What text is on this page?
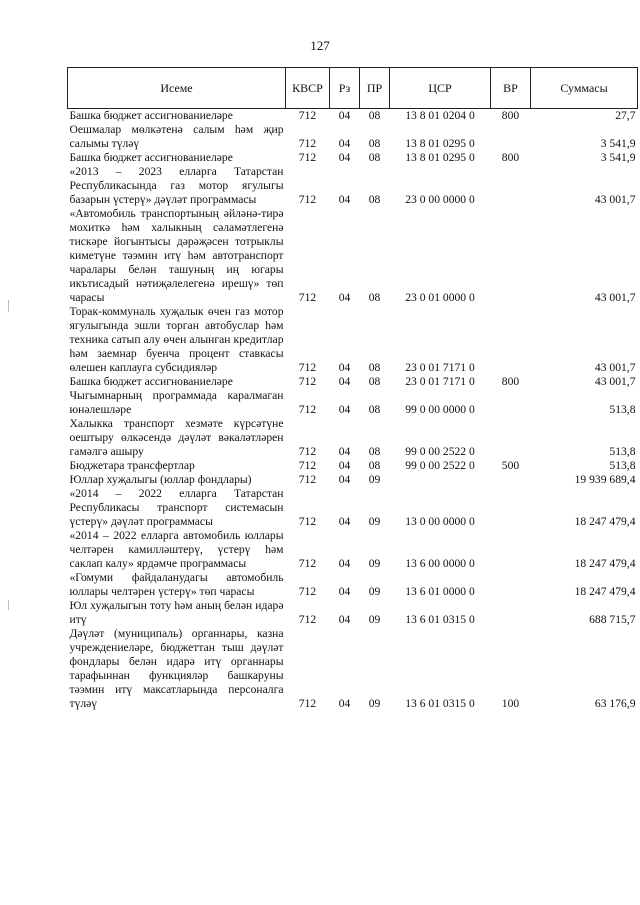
127
Иceмe	КВСР	Рз	ПР	ЦСР	ВР	Суммасы
Башка бюджет ассигнованиeләре	712	04	08	13 8 01 0204 0	800	27,7
Оешмалар мөлкәтенә салым һәм җир салымы түләү	712	04	08	13 8 01 0295 0		3 541,9
Башка бюджет ассигнованиeләре	712	04	08	13 8 01 0295 0	800	3 541,9
«2013 – 2023 елларга Татарстан Республикасында газ мотор ягулыгы базарын үстерү» дәүләт программасы	712	04	08	23 0 00 0000 0		43 001,7
«Автомобиль транспортының әйләнә-тирә мохиткә һәм халыкның сәламәтлегенә тискәре йогынтысы дәрәҗәсен тотрыклы киметүне тәэмин итү һәм автотранспорт чаралары белән ташуның иң югары икътисадый нәтиҗәлелегенә ирешү» төп чарасы	712	04	08	23 0 01 0000 0		43 001,7
Торак-коммуналь хуҗалык өчен газ мотор ягулыгында эшли торган автобуслар һәм техника сатып алу өчен алынган кредитлар һәм заемнар буенча процент ставкасы өлешен каплауга субсидияләр	712	04	08	23 0 01 7171 0		43 001,7
Башка бюджет ассигнованиeләре	712	04	08	23 0 01 7171 0	800	43 001,7
Чыгымнарның программада каралмаган юнәлешләре	712	04	08	99 0 00 0000 0		513,8
Халыкка транспорт хезмәте күрсәтүне оештыру өлкәсендә дәүләт вәкаләтләрен гамәлгә ашыру	712	04	08	99 0 00 2522 0		513,8
Бюджетара трансфертлар	712	04	08	99 0 00 2522 0	500	513,8
Юллар хуҗалыгы (юллар фондлары)	712	04	09			19 939 689,4
«2014 – 2022 елларга Татарстан Республикасы транспорт системасын үстерү» дәүләт программасы	712	04	09	13 0 00 0000 0		18 247 479,4
«2014 – 2022 елларга автомобиль юллары челтәрен камилләштерү, үстерү һәм саклап калу» ярдәмче программасы	712	04	09	13 6 00 0000 0		18 247 479,4
«Гомуми файдаланудагы автомобиль юллары челтәрен үстерү» төп чарасы	712	04	09	13 6 01 0000 0		18 247 479,4
Юл хуҗалыгын тоту һәм аның белән идарә итү	712	04	09	13 6 01 0315 0		688 715,7
Дәүләт (муниципаль) органнары, казна учреждениеләре, бюджеттан тыш дәүләт фондлары белән идарә итү органнары тарафыннан функцияләр башкаруны тәэмин итү максатларында персоналга түләү	712	04	09	13 6 01 0315 0	100	63 176,9
